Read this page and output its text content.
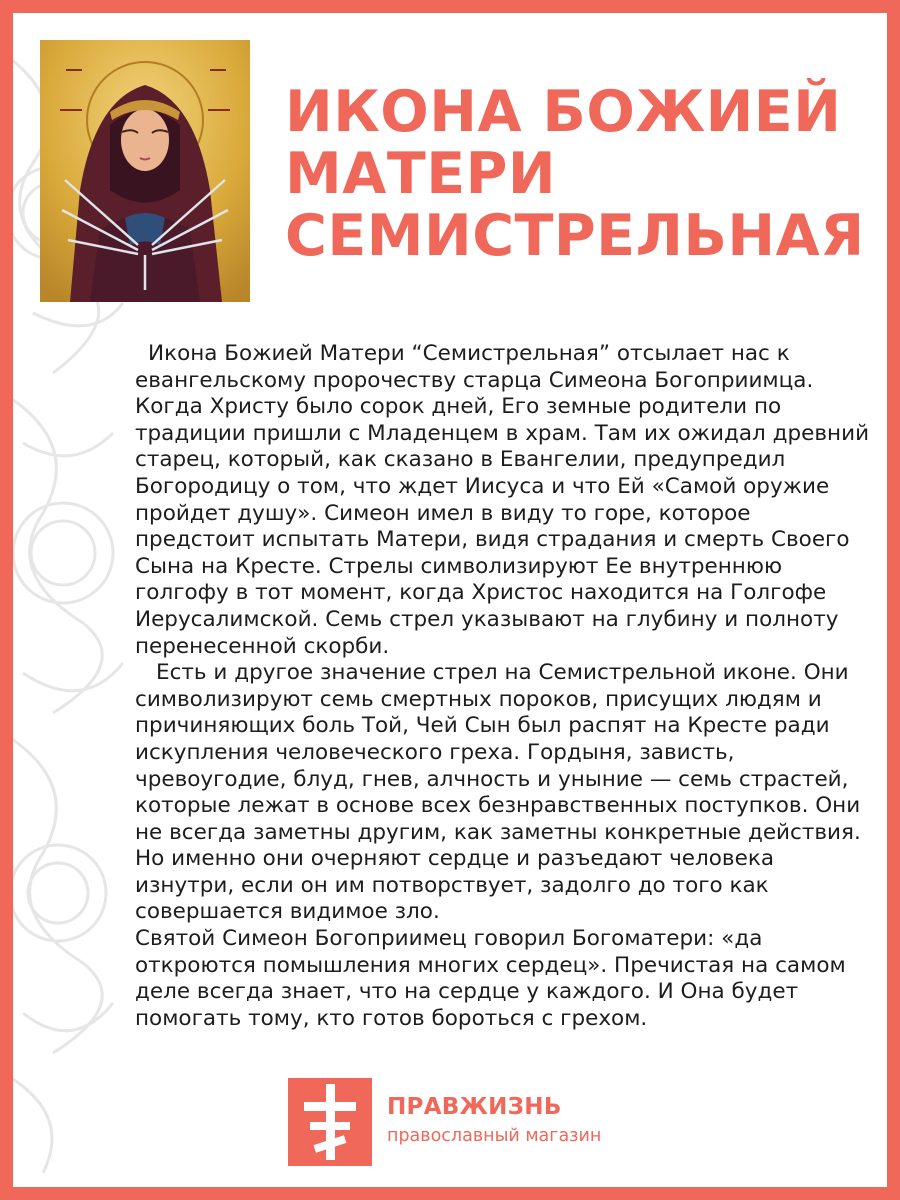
ИКОНА БОЖИЕЙ
МАТЕРИ
СЕМИСТРЕЛЬНАЯ

Икона Божией Матери “Семистрельная” отсылает нас к евангельскому пророчеству старца Симеона Богоприимца. Когда Христу было сорок дней, Его земные родители по традиции пришли с Младенцем в храм. Там их ожидал древний старец, который, как сказано в Евангелии, предупредил Богородицу о том, что ждет Иисуса и что Ей «Самой оружие пройдет душу». Симеон имел в виду то горе, которое предстоит испытать Матери, видя страдания и смерть Своего Сына на Кресте. Стрелы символизируют Ее внутреннюю голгофу в тот момент, когда Христос находится на Голгофе Иерусалимской. Семь стрел указывают на глубину и полноту перенесенной скорби.

Есть и другое значение стрел на Семистрельной иконе. Они символизируют семь смертных пороков, присущих людям и причиняющих боль Той, Чей Сын был распят на Кресте ради искупления человеческого греха. Гордыня, зависть, чревоугодие, блуд, гнев, алчность и уныние — семь страстей, которые лежат в основе всех безнравственных поступков. Они не всегда заметны другим, как заметны конкретные действия. Но именно они очерняют сердце и разъедают человека изнутри, если он им потворствует, задолго до того как совершается видимое зло.

Святой Симеон Богоприимец говорил Богоматери: «да откроются помышления многих сердец». Пречистая на самом деле всегда знает, что на сердце у каждого. И Она будет помогать тому, кто готов бороться с грехом.

ПРАВЖИЗНЬ
православный магазин
